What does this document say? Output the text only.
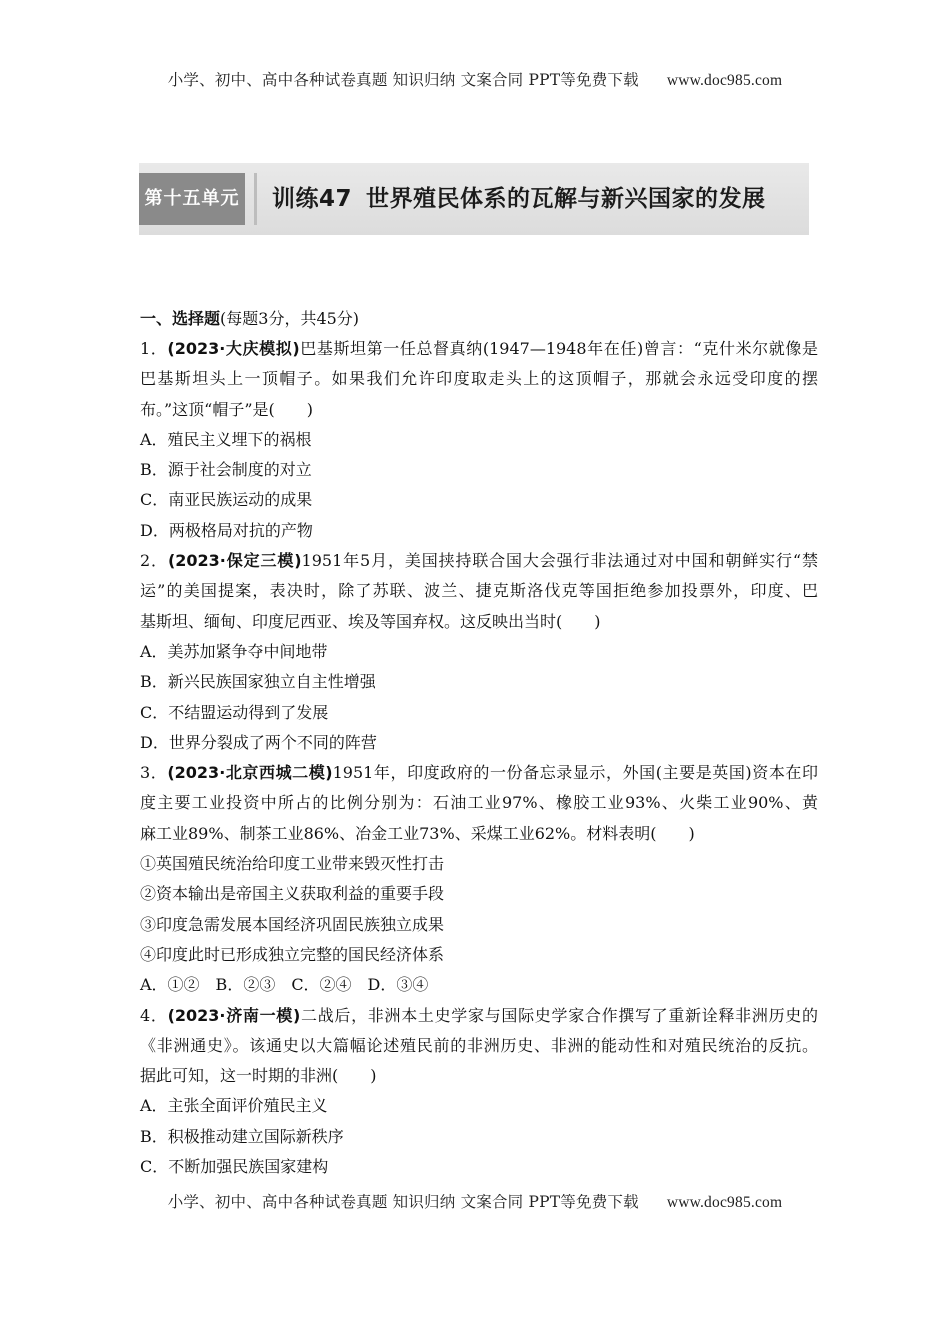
小学、初中、高中各种试卷真题 知识归纳 文案合同 PPT等免费下载 www.doc985.com
第十五单元 训练47 世界殖民体系的瓦解与新兴国家的发展
一、选择题(每题3分，共45分)
1．(2023·大庆模拟)巴基斯坦第一任总督真纳(1947—1948年在任)曾言：“克什米尔就像是
巴基斯坦头上一顶帽子。如果我们允许印度取走头上的这顶帽子，那就会永远受印度的摆
布。”这顶“帽子”是(　　)
A．殖民主义埋下的祸根
B．源于社会制度的对立
C．南亚民族运动的成果
D．两极格局对抗的产物
2．(2023·保定三模)1951年5月，美国挟持联合国大会强行非法通过对中国和朝鲜实行“禁
运”的美国提案，表决时，除了苏联、波兰、捷克斯洛伐克等国拒绝参加投票外，印度、巴
基斯坦、缅甸、印度尼西亚、埃及等国弃权。这反映出当时(　　)
A．美苏加紧争夺中间地带
B．新兴民族国家独立自主性增强
C．不结盟运动得到了发展
D．世界分裂成了两个不同的阵营
3．(2023·北京西城二模)1951年，印度政府的一份备忘录显示，外国(主要是英国)资本在印
度主要工业投资中所占的比例分别为：石油工业97%、橡胶工业93%、火柴工业90%、黄
麻工业89%、制茶工业86%、冶金工业73%、采煤工业62%。材料表明(　　)
①英国殖民统治给印度工业带来毁灭性打击
②资本输出是帝国主义获取利益的重要手段
③印度急需发展本国经济巩固民族独立成果
④印度此时已形成独立完整的国民经济体系
A．①②　B．②③　C．②④　D．③④
4．(2023·济南一模)二战后，非洲本土史学家与国际史学家合作撰写了重新诠释非洲历史的
《非洲通史》。该通史以大篇幅论述殖民前的非洲历史、非洲的能动性和对殖民统治的反抗。
据此可知，这一时期的非洲(　　)
A．主张全面评价殖民主义
B．积极推动建立国际新秩序
C．不断加强民族国家建构
小学、初中、高中各种试卷真题 知识归纳 文案合同 PPT等免费下载 www.doc985.com
